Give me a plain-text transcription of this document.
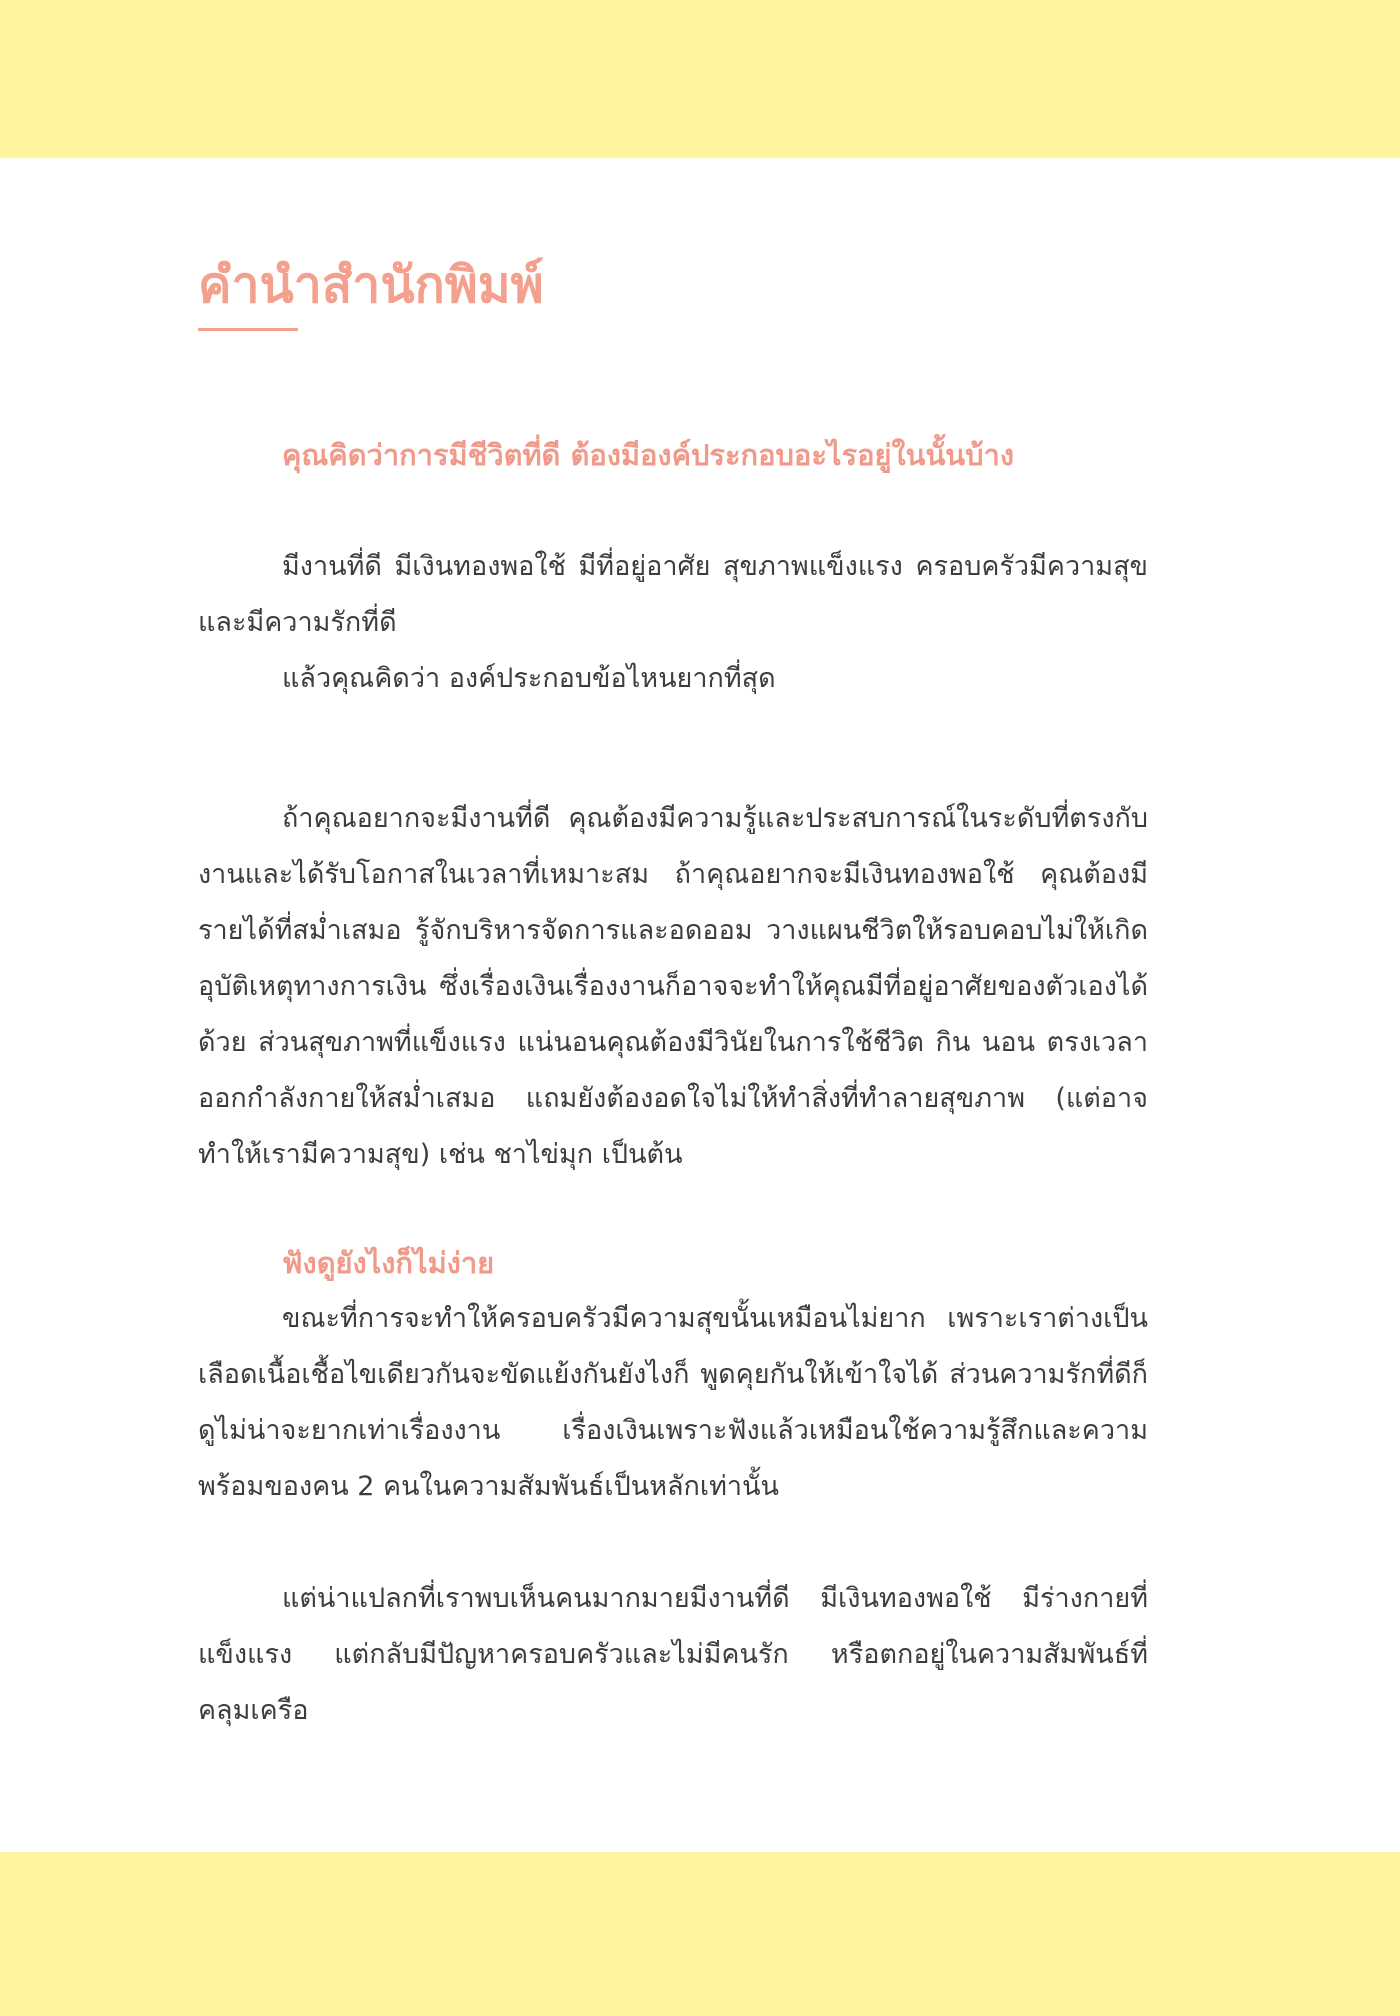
คำนำสำนักพิมพ์
คุณคิดว่าการมีชีวิตที่ดี ต้องมีองค์ประกอบอะไรอยู่ในนั้นบ้าง

มีงานที่ดี มีเงินทองพอใช้ มีที่อยู่อาศัย สุขภาพแข็งแรง ครอบครัวมีความสุขและมีความรักที่ดี

แล้วคุณคิดว่า องค์ประกอบข้อไหนยากที่สุด

ถ้าคุณอยากจะมีงานที่ดี คุณต้องมีความรู้และประสบการณ์ในระดับที่ตรงกับงานและได้รับโอกาสในเวลาที่เหมาะสม ถ้าคุณอยากจะมีเงินทองพอใช้ คุณต้องมีรายได้ที่สม่ำเสมอ รู้จักบริหารจัดการและอดออม วางแผนชีวิตให้รอบคอบไม่ให้เกิดอุบัติเหตุทางการเงิน ซึ่งเรื่องเงินเรื่องงานก็อาจจะทำให้คุณมีที่อยู่อาศัยของตัวเองได้ด้วย ส่วนสุขภาพที่แข็งแรง แน่นอนคุณต้องมีวินัยในการใช้ชีวิต กิน นอน ตรงเวลา ออกกำลังกายให้สม่ำเสมอ แถมยังต้องอดใจไม่ให้ทำสิ่งที่ทำลายสุขภาพ (แต่อาจทำให้เรามีความสุข) เช่น ชาไข่มุก เป็นต้น

ฟังดูยังไงก็ไม่ง่าย

ขณะที่การจะทำให้ครอบครัวมีความสุขนั้นเหมือนไม่ยาก เพราะเราต่างเป็นเลือดเนื้อเชื้อไขเดียวกันจะขัดแย้งกันยังไงก็ พูดคุยกันให้เข้าใจได้ ส่วนความรักที่ดีก็ดูไม่น่าจะยากเท่าเรื่องงาน เรื่องเงินเพราะฟังแล้วเหมือนใช้ความรู้สึกและความพร้อมของคน 2 คนในความสัมพันธ์เป็นหลักเท่านั้น

แต่น่าแปลกที่เราพบเห็นคนมากมายมีงานที่ดี มีเงินทองพอใช้ มีร่างกายที่แข็งแรง แต่กลับมีปัญหาครอบครัวและไม่มีคนรัก หรือตกอยู่ในความสัมพันธ์ที่คลุมเครือ
